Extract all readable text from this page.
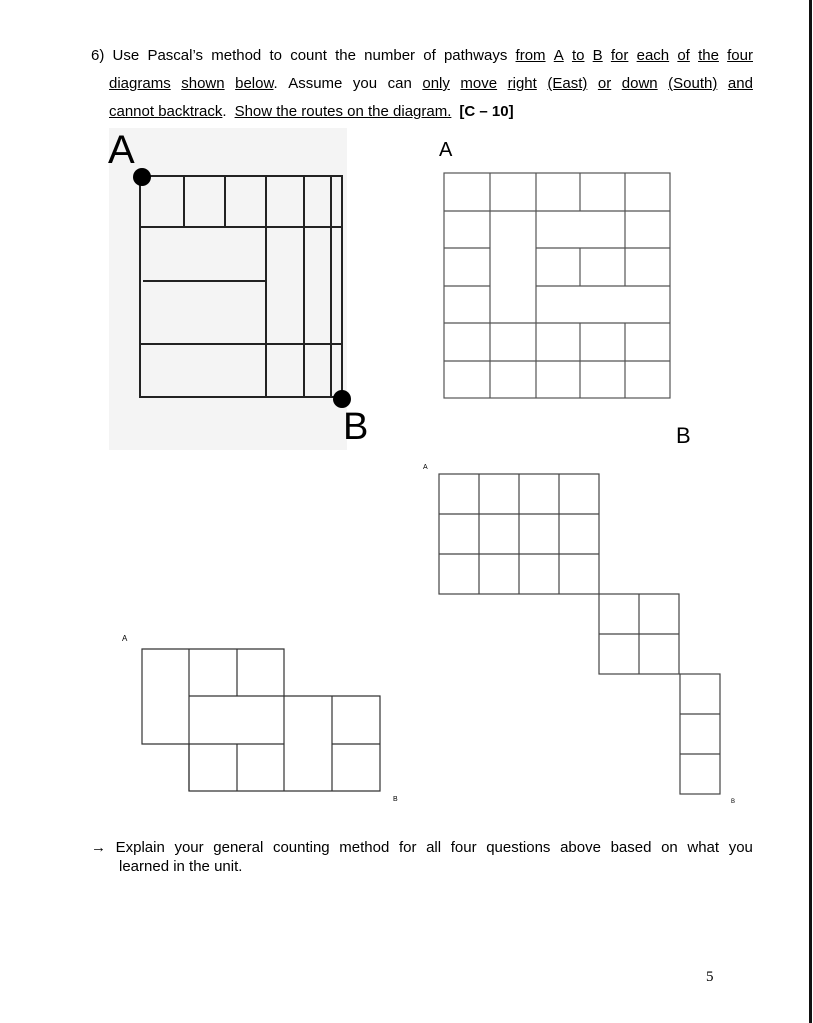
6) Use Pascal’s method to count the number of pathways from A to B for each of the four
diagrams shown below. Assume you can only move right (East) or down (South) and
cannot backtrack . Show the routes on the diagram. [C – 10]
A
B
A
B
A
B
A
B
→ Explain your general counting method for all four questions above based on what you
learned in the unit.
5
